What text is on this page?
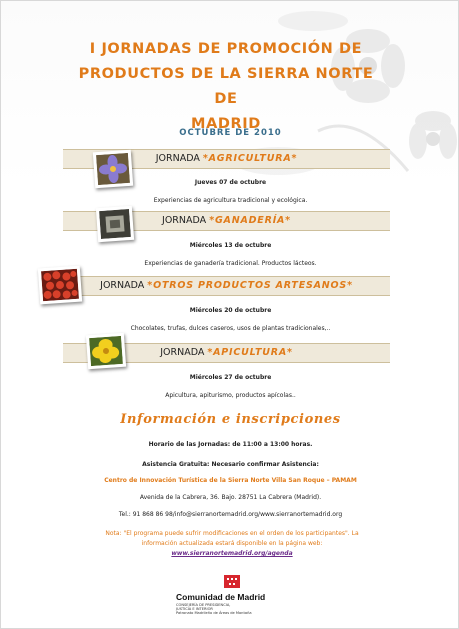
I JORNADAS DE PROMOCIÓN DE
PRODUCTOS DE LA SIERRA NORTE DE
MADRID
OCTUBRE DE 2010
JORNADA *AGRICULTURA*
Jueves 07 de octubre
Experiencias de agricultura tradicional y ecológica.
JORNADA *GANADERÍA*
Miércoles 13 de octubre
Experiencias de ganadería tradicional. Productos lácteos.
JORNADA *OTROS PRODUCTOS ARTESANOS*
Miércoles 20 de octubre
Chocolates, trufas, dulces caseros, usos de plantas tradicionales,..
JORNADA *APICULTURA*
Miércoles 27 de octubre
Apicultura, apiturismo, productos apícolas..
Información e inscripciones
Horario de las Jornadas: de 11:00 a 13:00 horas.
Asistencia Gratuita: Necesario confirmar Asistencia:
Centro de Innovación Turística de la Sierra Norte Villa San Roque – PAMAM
Avenida de la Cabrera, 36. Bajo. 28751 La Cabrera (Madrid).
Tel.: 91 868 86 98/info@sierranortemadrid.org/www.sierranortemadrid.org
Nota: "El programa puede sufrir modificaciones en el orden de los participantes". La información actualizada estará disponible en la página web: www.sierranortemadrid.org/agenda
Comunidad de Madrid
CONSEJERÍA DE PRESIDENCIA,
JUSTICIA E INTERIOR
Patronato Madrileño de Áreas de Montaña
